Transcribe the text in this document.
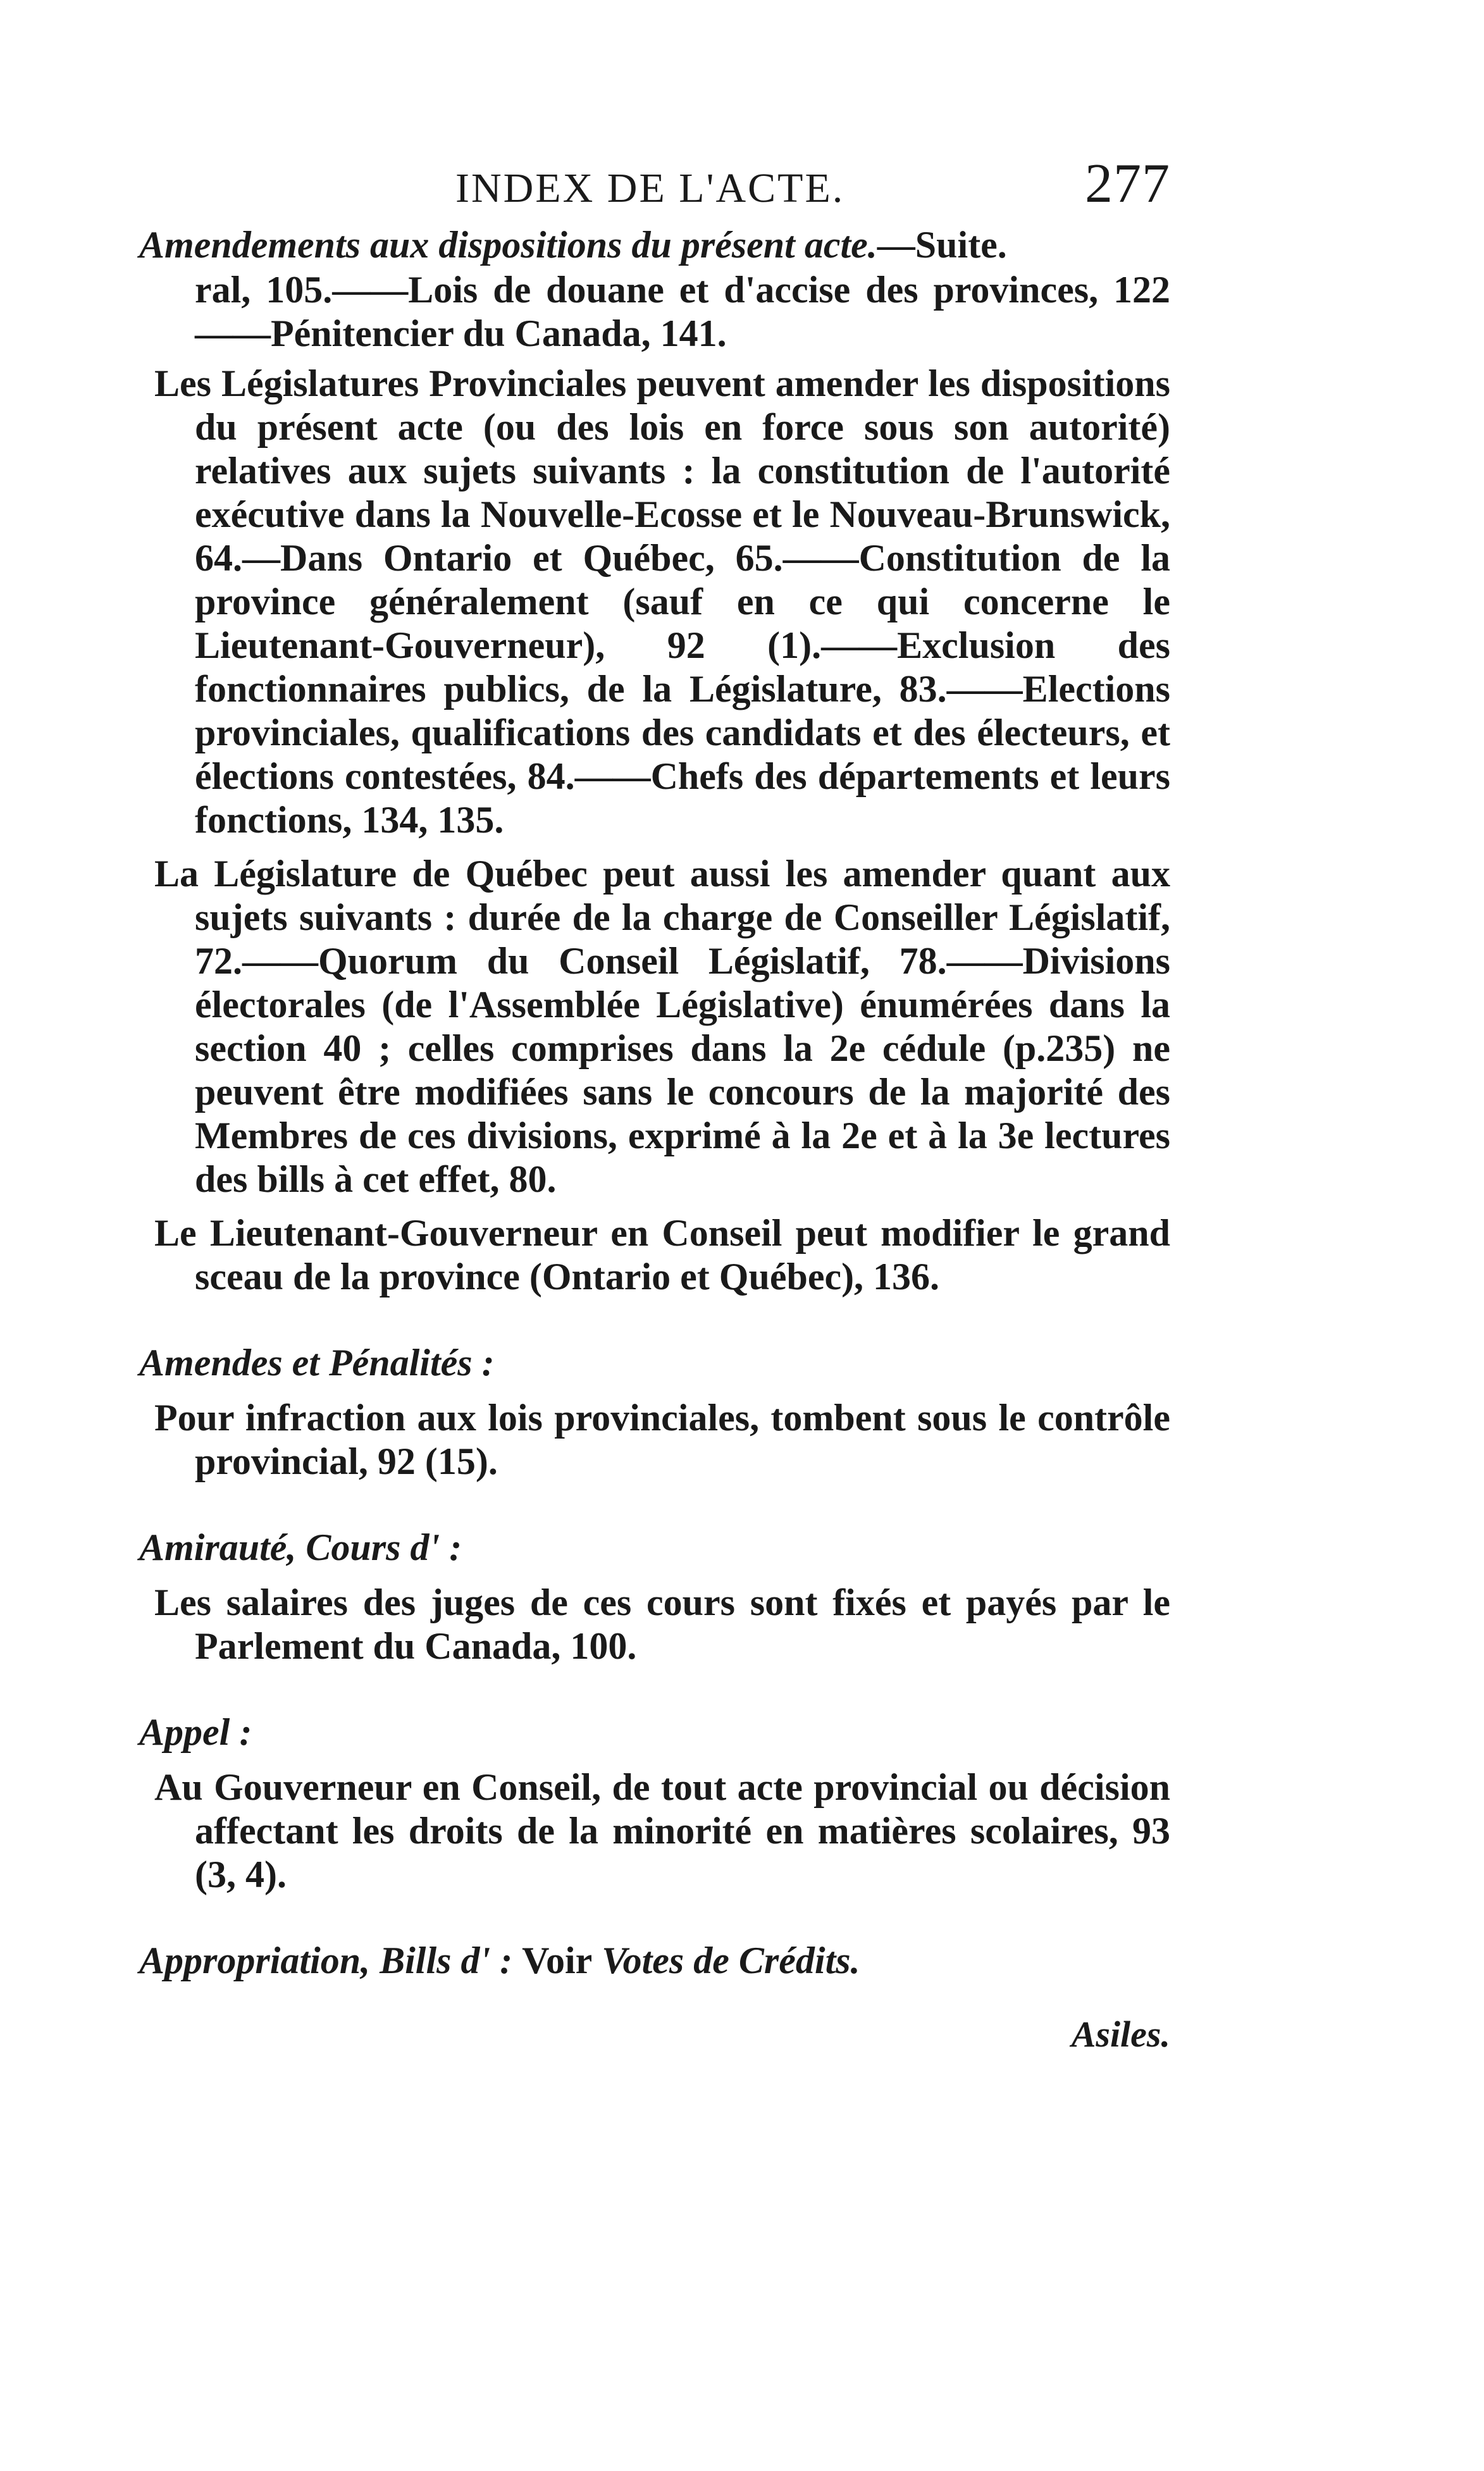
INDEX DE L'ACTE.	277
Amendements aux dispositions du présent acte.—Suite.

ral, 105.——Lois de douane et d'accise des provinces, 122——Pénitencier du Canada, 141.

Les Législatures Provinciales peuvent amender les dispositions du présent acte (ou des lois en force sous son autorité) relatives aux sujets suivants : la constitution de l'autorité exécutive dans la Nouvelle-Ecosse et le Nouveau-Brunswick, 64.—Dans Ontario et Québec, 65.——Constitution de la province généralement (sauf en ce qui concerne le Lieutenant-Gouverneur), 92 (1).——Exclusion des fonctionnaires publics, de la Législature, 83.——Elections provinciales, qualifications des candidats et des électeurs, et élections contestées, 84.——Chefs des départements et leurs fonctions, 134, 135.

La Législature de Québec peut aussi les amender quant aux sujets suivants : durée de la charge de Conseiller Législatif, 72.——Quorum du Conseil Législatif, 78.——Divisions électorales (de l'Assemblée Législative) énumérées dans la section 40 ; celles comprises dans la 2e cédule (p.235) ne peuvent être modifiées sans le concours de la majorité des Membres de ces divisions, exprimé à la 2e et à la 3e lectures des bills à cet effet, 80.

Le Lieutenant-Gouverneur en Conseil peut modifier le grand sceau de la province (Ontario et Québec), 136.

Amendes et Pénalités :

Pour infraction aux lois provinciales, tombent sous le contrôle provincial, 92 (15).

Amirauté, Cours d' :

Les salaires des juges de ces cours sont fixés et payés par le Parlement du Canada, 100.

Appel :

Au Gouverneur en Conseil, de tout acte provincial ou décision affectant les droits de la minorité en matières scolaires, 93 (3, 4).

Appropriation, Bills d' : Voir Votes de Crédits.
Asiles.
